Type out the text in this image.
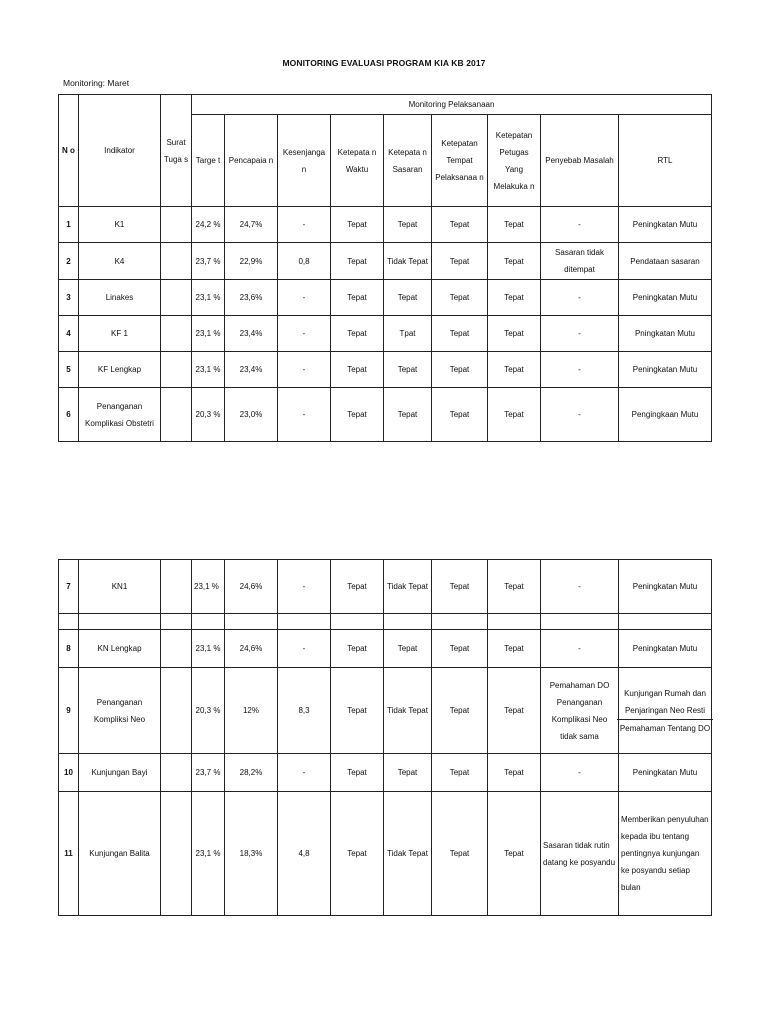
MONITORING EVALUASI PROGRAM KIA KB 2017
Monitoring: Maret
N o	Indikator	Surat Tuga s	Monitoring Pelaksanaan								
			Targe t	Pencapaia n	Kesenjanga n	Ketepata n Waktu	Ketepata n Sasaran	Ketepatan Tempat Pelaksanaa n	Ketepatan Petugas Yang Melakuka n	Penyebab Masalah	RTL
1	K1		24,2 %	24,7%	-	Tepat	Tepat	Tepat	Tepat	-	Peningkatan Mutu
2	K4		23,7 %	22,9%	0,8	Tepat	Tidak Tepat	Tepat	Tepat	Sasaran tidak ditempat	Pendataan sasaran
3	Linakes		23,1 %	23,6%	-	Tepat	Tepat	Tepat	Tepat	-	Peningkatan Mutu
4	KF 1		23,1 %	23,4%	-	Tepat	Tpat	Tepat	Tepat	-	Pningkatan Mutu
5	KF Lengkap		23,1 %	23,4%	-	Tepat	Tepat	Tepat	Tepat	-	Peningkatan Mutu
6	Penanganan Komplikasi Obstetri		20,3 %	23,0%	-	Tepat	Tepat	Tepat	Tepat	-	Pengingkaan Mutu
7	KN1		23,1 %	24,6%	-	Tepat	Tidak Tepat	Tepat	Tepat	-	Peningkatan Mutu

8	KN Lengkap		23,1 %	24,6%	-	Tepat	Tepat	Tepat	Tepat	-	Peningkatan Mutu
9	Penanganan Kompliksi Neo		20,3 %	12%	8,3	Tepat	Tidak Tepat	Tepat	Tepat	Pemahaman DO Penanganan Komplikasi Neo tidak sama	Kunjungan Rumah dan Penjaringan Neo Resti
Pemahaman Tentang DO

10	Kunjungan Bayi		23,7 %	28,2%	-	Tepat	Tepat	Tepat	Tepat	-	Peningkatan Mutu
11	Kunjungan Balita		23,1 %	18,3%	4,8	Tepat	Tidak Tepat	Tepat	Tepat	Sasaran tidak rutin datang ke posyandu	Memberikan penyuluhan kepada ibu tentang pentingnya kunjungan ke posyandu setiap bulan
